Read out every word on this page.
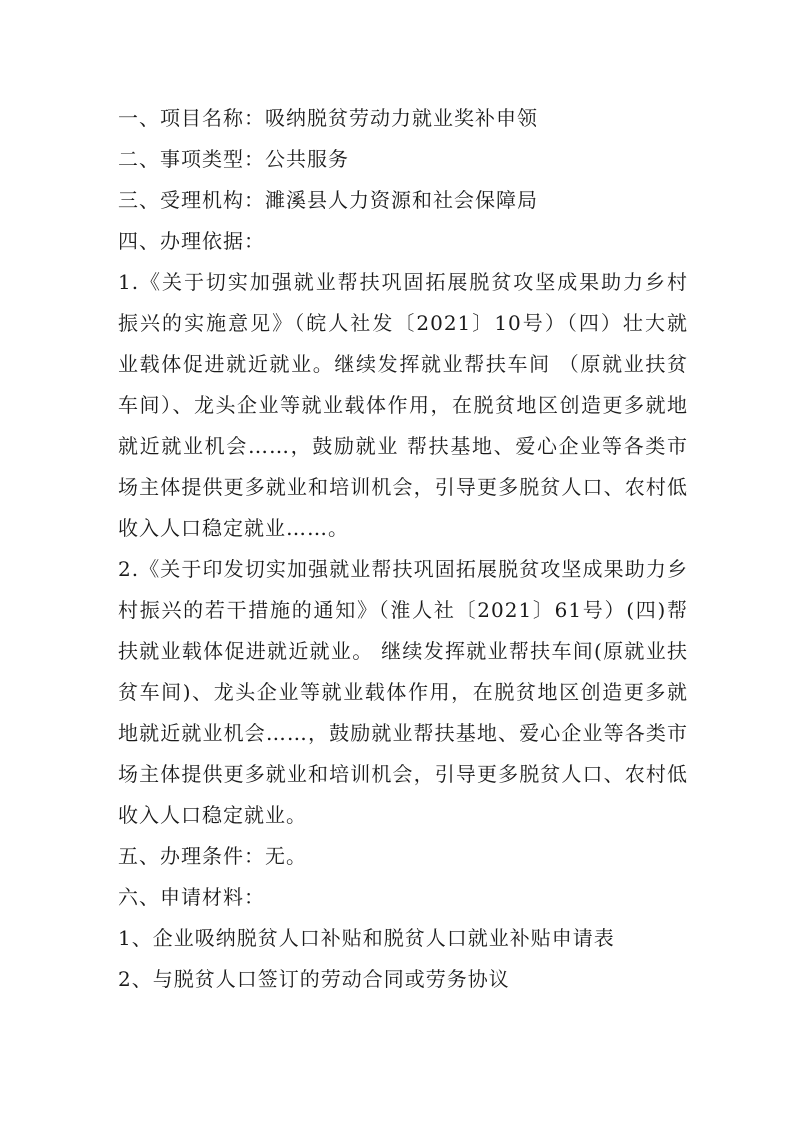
一、项目名称：吸纳脱贫劳动力就业奖补申领
二、事项类型：公共服务
三、受理机构：濉溪县人力资源和社会保障局
四、办理依据：
1.《关于切实加强就业帮扶巩固拓展脱贫攻坚成果助力乡村
振兴的实施意见》（皖人社发〔2021〕10号）（四）壮大就
业载体促进就近就业。继续发挥就业帮扶车间 （原就业扶贫
车间）、龙头企业等就业载体作用，在脱贫地区创造更多就地
就近就业机会……，鼓励就业 帮扶基地、爱心企业等各类市
场主体提供更多就业和培训机会，引导更多脱贫人口、农村低
收入人口稳定就业……。
2.《关于印发切实加强就业帮扶巩固拓展脱贫攻坚成果助力乡
村振兴的若干措施的通知》（淮人社〔2021〕61号）(四)帮
扶就业载体促进就近就业。 继续发挥就业帮扶车间(原就业扶
贫车间)、龙头企业等就业载体作用，在脱贫地区创造更多就
地就近就业机会……，鼓励就业帮扶基地、爱心企业等各类市
场主体提供更多就业和培训机会，引导更多脱贫人口、农村低
收入人口稳定就业。
五、办理条件：无。
六、申请材料：
1、企业吸纳脱贫人口补贴和脱贫人口就业补贴申请表
2、与脱贫人口签订的劳动合同或劳务协议
